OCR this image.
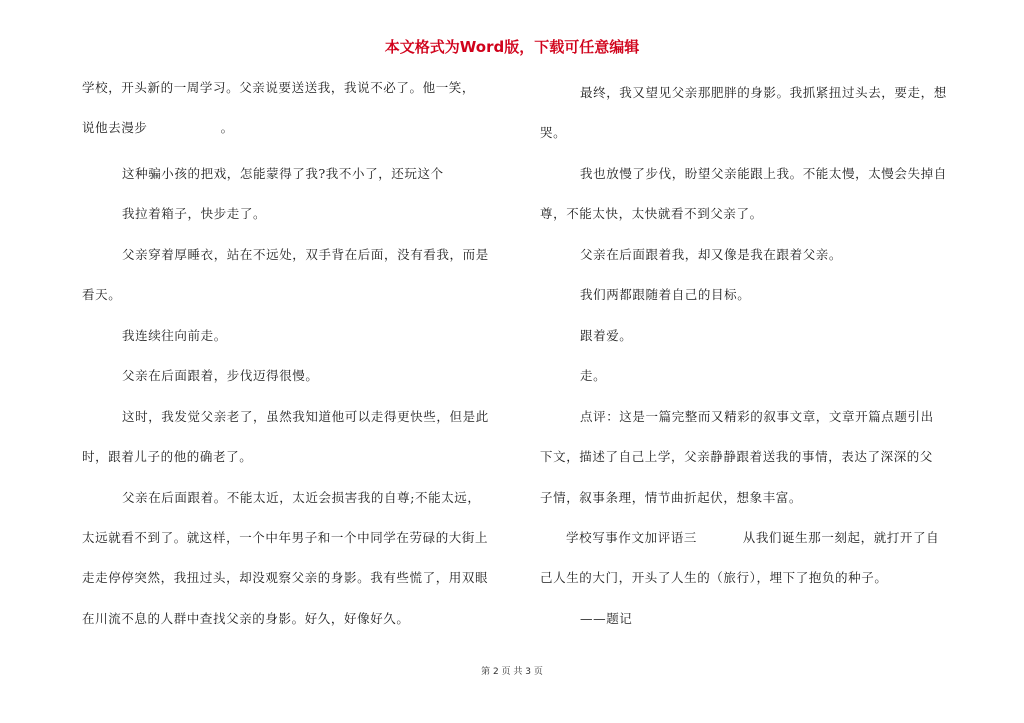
本文格式为Word版，下载可任意编辑
学校，开头新的一周学习。父亲说要送送我，我说不必了。他一笑，
说他去漫步                。
这种骗小孩的把戏，怎能蒙得了我?我不小了，还玩这个
我拉着箱子，快步走了。
父亲穿着厚睡衣，站在不远处，双手背在后面，没有看我，而是
看天。
我连续往向前走。
父亲在后面跟着，步伐迈得很慢。
这时，我发觉父亲老了，虽然我知道他可以走得更快些，但是此
时，跟着儿子的他的确老了。
父亲在后面跟着。不能太近，太近会损害我的自尊;不能太远，
太远就看不到了。就这样，一个中年男子和一个中同学在劳碌的大街上
走走停停突然，我扭过头，却没观察父亲的身影。我有些慌了，用双眼
在川流不息的人群中查找父亲的身影。好久，好像好久。
最终，我又望见父亲那肥胖的身影。我抓紧扭过头去，要走，想
哭。
我也放慢了步伐，盼望父亲能跟上我。不能太慢，太慢会失掉自
尊，不能太快，太快就看不到父亲了。
父亲在后面跟着我，却又像是我在跟着父亲。
我们两都跟随着自己的目标。
跟着爱。
走。
点评：这是一篇完整而又精彩的叙事文章，文章开篇点题引出
下文，描述了自己上学，父亲静静跟着送我的事情，表达了深深的父
子情，叙事条理，情节曲折起伏，想象丰富。
学校写事作文加评语三          从我们诞生那一刻起，就打开了自
己人生的大门，开头了人生的（旅行），埋下了抱负的种子。
——题记
第 2 页 共 3 页
